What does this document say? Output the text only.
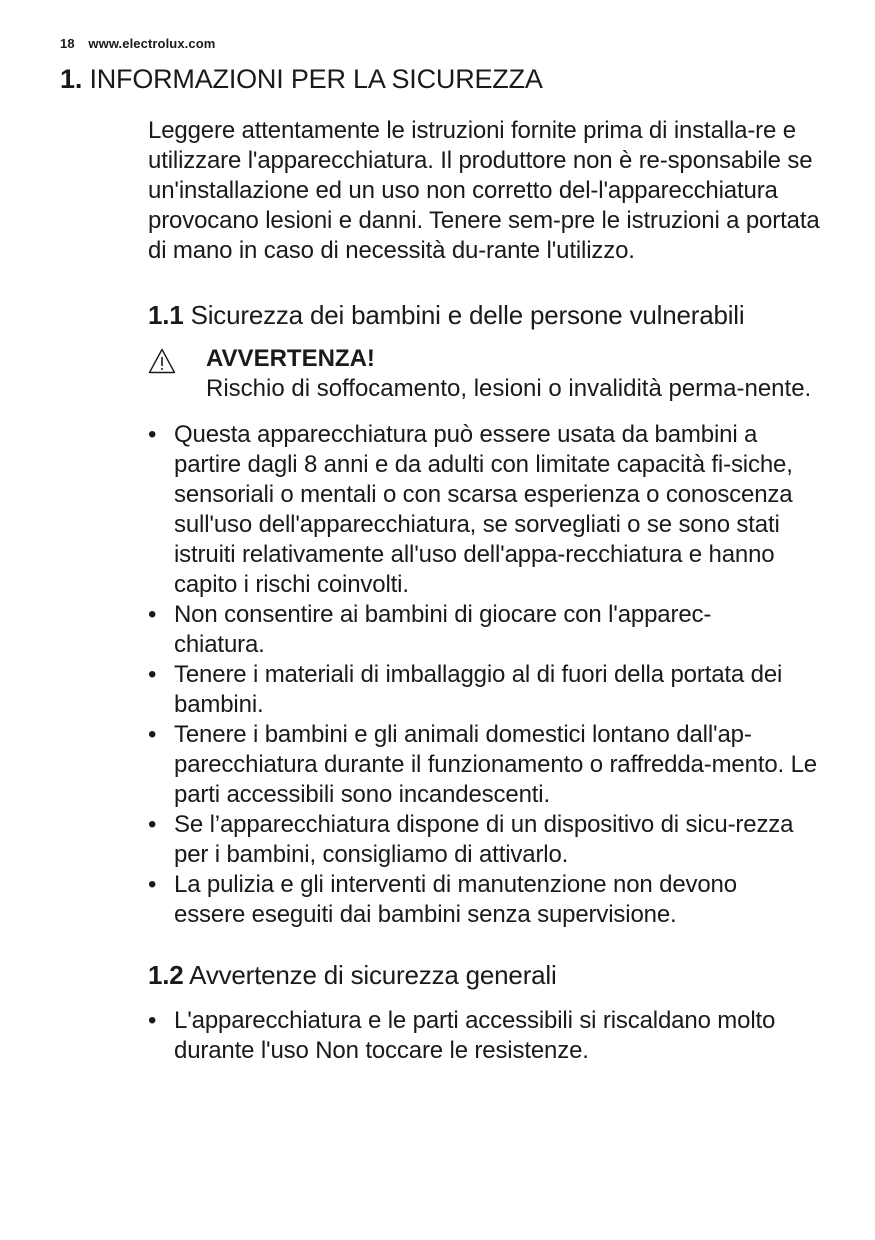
18 www.electrolux.com
1. INFORMAZIONI PER LA SICUREZZA

Leggere attentamente le istruzioni fornite prima di installa-re e utilizzare l'apparecchiatura. Il produttore non è re-sponsabile se un'installazione ed un uso non corretto del-l'apparecchiatura provocano lesioni e danni. Tenere sem-pre le istruzioni a portata di mano in caso di necessità du-rante l'utilizzo.

1.1 Sicurezza dei bambini e delle persone vulnerabili
AVVERTENZA!
Rischio di soffocamento, lesioni o invalidità perma-nente.
• Questa apparecchiatura può essere usata da bambini a partire dagli 8 anni e da adulti con limitate capacità fi-siche, sensoriali o mentali o con scarsa esperienza o conoscenza sull'uso dell'apparecchiatura, se sorvegliati o se sono stati istruiti relativamente all'uso dell'appa-recchiatura e hanno capito i rischi coinvolti.
• Non consentire ai bambini di giocare con l'apparec-chiatura.
• Tenere i materiali di imballaggio al di fuori della portata dei bambini.
• Tenere i bambini e gli animali domestici lontano dall'ap-parecchiatura durante il funzionamento o raffredda-mento. Le parti accessibili sono incandescenti.
• Se l’apparecchiatura dispone di un dispositivo di sicu-rezza per i bambini, consigliamo di attivarlo.
• La pulizia e gli interventi di manutenzione non devono essere eseguiti dai bambini senza supervisione.
1.2 Avvertenze di sicurezza generali
• L'apparecchiatura e le parti accessibili si riscaldano molto durante l'uso Non toccare le resistenze.
